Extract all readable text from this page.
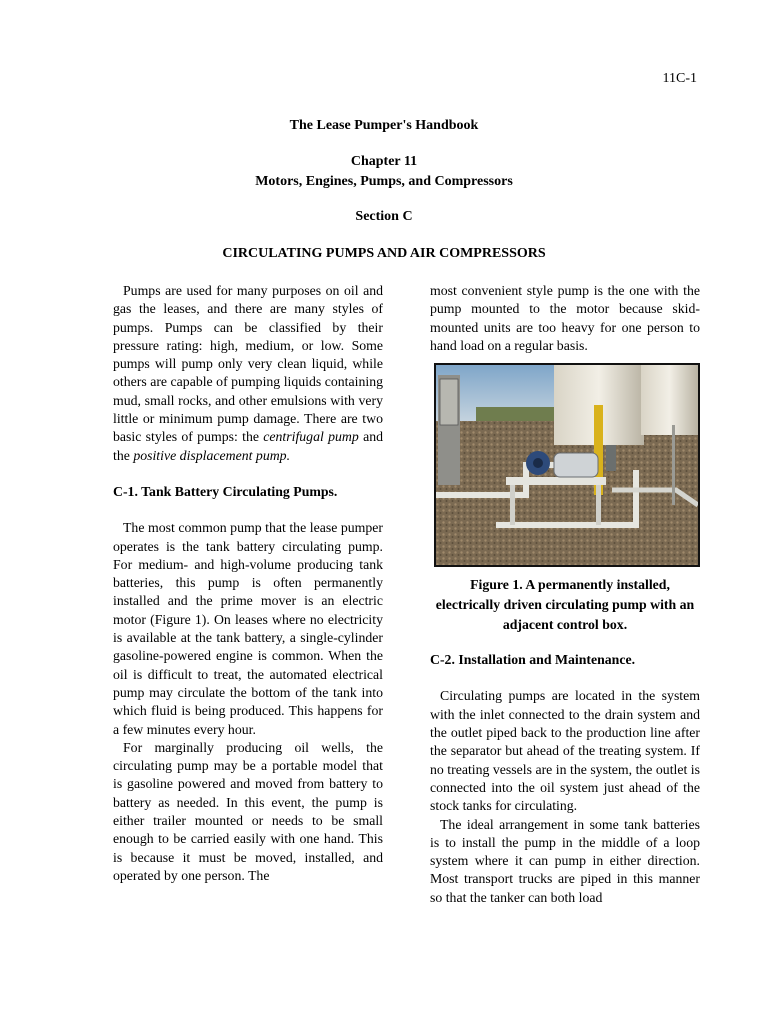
11C-1
The Lease Pumper's Handbook
Chapter 11
Motors, Engines, Pumps, and Compressors
Section C
CIRCULATING PUMPS AND AIR COMPRESSORS

Pumps are used for many purposes on oil and gas the leases, and there are many styles of pumps. Pumps can be classified by their pressure rating: high, medium, or low. Some pumps will pump only very clean liquid, while others are capable of pumping liquids containing mud, small rocks, and other emulsions with very little or minimum pump damage. There are two basic styles of pumps: the centrifugal pump and the positive displacement pump.

C-1. Tank Battery Circulating Pumps.

The most common pump that the lease pumper operates is the tank battery circulating pump. For medium- and high-volume producing tank batteries, this pump is often permanently installed and the prime mover is an electric motor (Figure 1). On leases where no electricity is available at the tank battery, a single-cylinder gasoline-powered engine is common. When the oil is difficult to treat, the automated electrical pump may circulate the bottom of the tank into which fluid is being produced. This happens for a few minutes every hour.

For marginally producing oil wells, the circulating pump may be a portable model that is gasoline powered and moved from battery to battery as needed. In this event, the pump is either trailer mounted or needs to be small enough to be carried easily with one hand. This is because it must be moved, installed, and operated by one person. The

most convenient style pump is the one with the pump mounted to the motor because skid-mounted units are too heavy for one person to hand load on a regular basis.

Figure 1. A permanently installed, electrically driven circulating pump with an adjacent control box.

C-2. Installation and Maintenance.

Circulating pumps are located in the system with the inlet connected to the drain system and the outlet piped back to the production line after the separator but ahead of the treating system. If no treating vessels are in the system, the outlet is connected into the oil system just ahead of the stock tanks for circulating.

The ideal arrangement in some tank batteries is to install the pump in the middle of a loop system where it can pump in either direction. Most transport trucks are piped in this manner so that the tanker can both load
